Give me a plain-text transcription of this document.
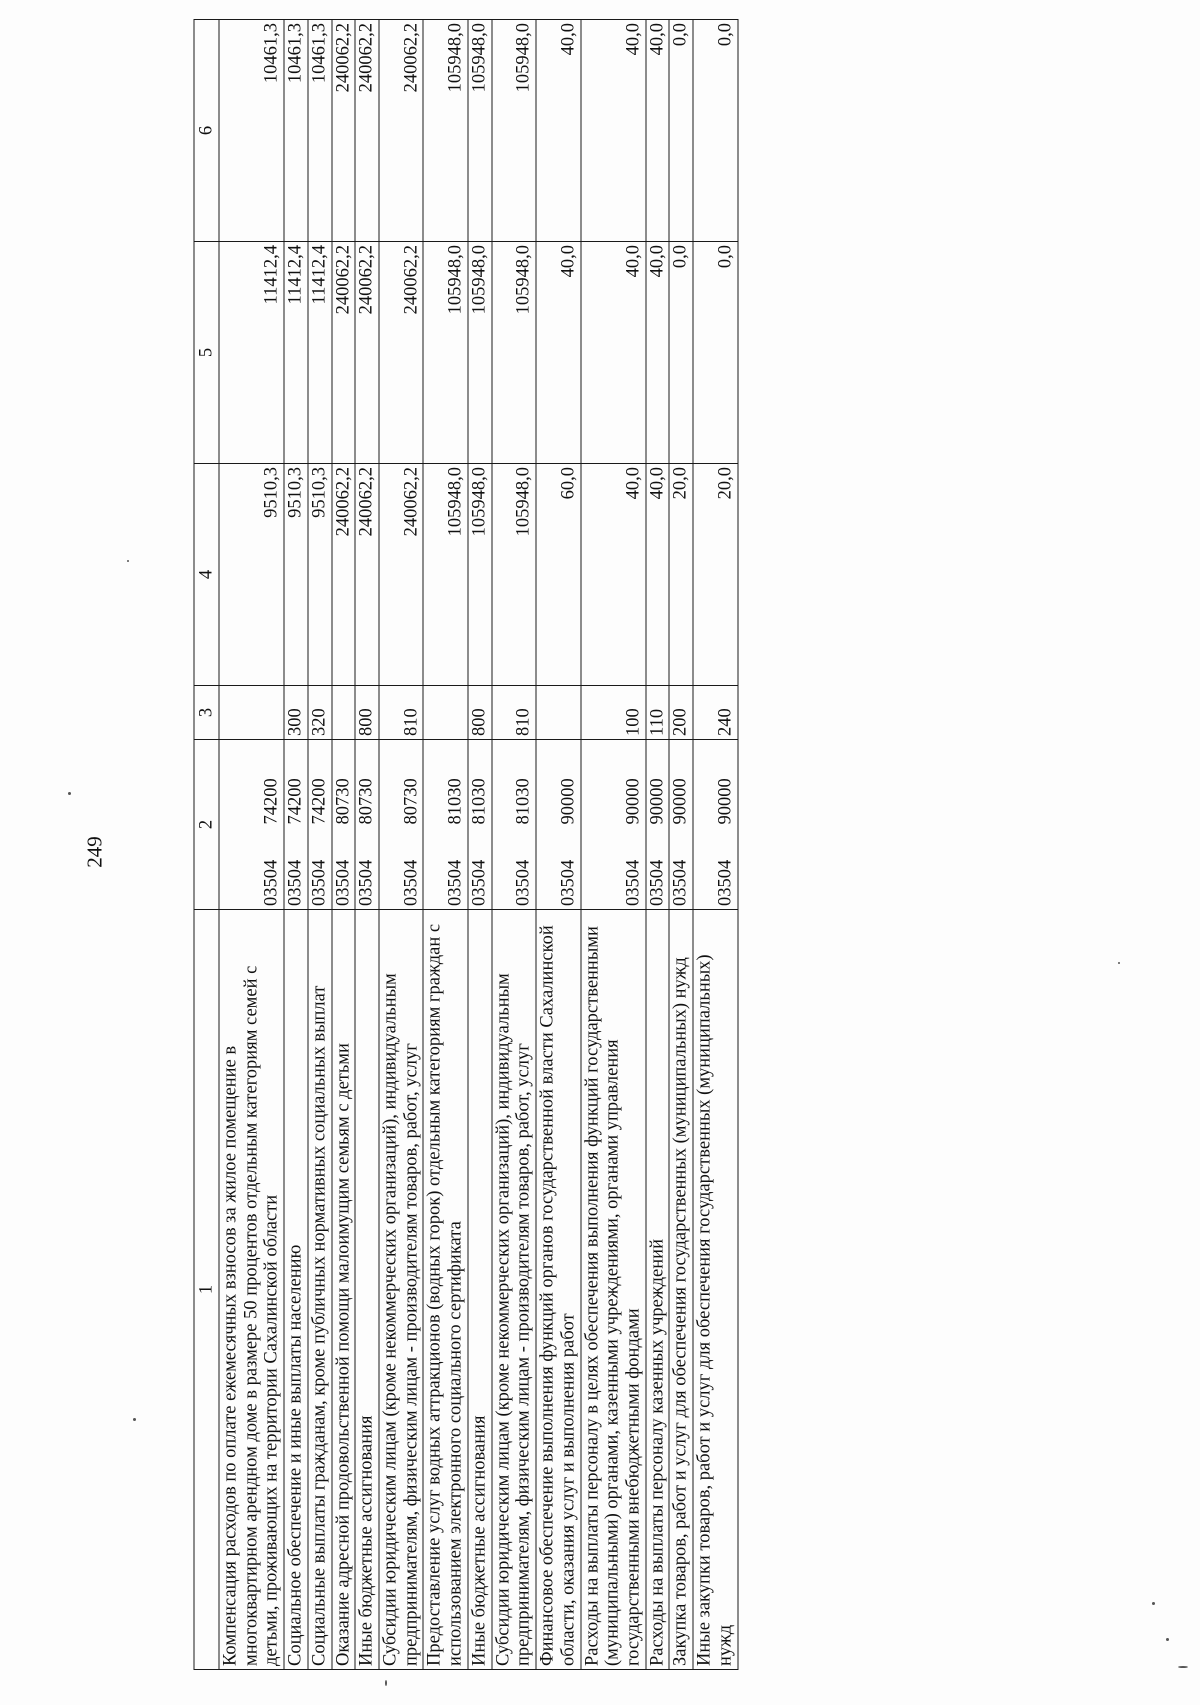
249
1	2		3	4	5	6
Компенсация расходов по оплате ежемесячных взносов за жилое помещение в многоквартирном арендном доме в размере 50 процентов отдельным категориям семей с детьми, проживающих на территории Сахалинской области	03504	74200		9510,3	11412,4	10461,3
Социальное обеспечение и иные выплаты населению	03504	74200	300	9510,3	11412,4	10461,3
Социальные выплаты гражданам, кроме публичных нормативных социальных выплат	03504	74200	320	9510,3	11412,4	10461,3
Оказание адресной продовольственной помощи малоимущим семьям с детьми	03504	80730		240062,2	240062,2	240062,2
Иные бюджетные ассигнования	03504	80730	800	240062,2	240062,2	240062,2
Субсидии юридическим лицам (кроме некоммерческих организаций), индивидуальным предпринимателям, физическим лицам - производителям товаров, работ, услуг	03504	80730	810	240062,2	240062,2	240062,2
Предоставление услуг водных аттракционов (водных горок) отдельным категориям граждан с использованием электронного социального сертификата	03504	81030		105948,0	105948,0	105948,0
Иные бюджетные ассигнования	03504	81030	800	105948,0	105948,0	105948,0
Субсидии юридическим лицам (кроме некоммерческих организаций), индивидуальным предпринимателям, физическим лицам - производителям товаров, работ, услуг	03504	81030	810	105948,0	105948,0	105948,0
Финансовое обеспечение выполнения функций органов государственной власти Сахалинской области, оказания услуг и выполнения работ	03504	90000		60,0	40,0	40,0
Расходы на выплаты персоналу в целях обеспечения выполнения функций государственными (муниципальными) органами, казенными учреждениями, органами управления государственными внебюджетными фондами	03504	90000	100	40,0	40,0	40,0
Расходы на выплаты персоналу казенных учреждений	03504	90000	110	40,0	40,0	40,0
Закупка товаров, работ и услуг для обеспечения государственных (муниципальных) нужд	03504	90000	200	20,0	0,0	0,0
Иные закупки товаров, работ и услуг для обеспечения государственных (муниципальных) нужд	03504	90000	240	20,0	0,0	0,0
